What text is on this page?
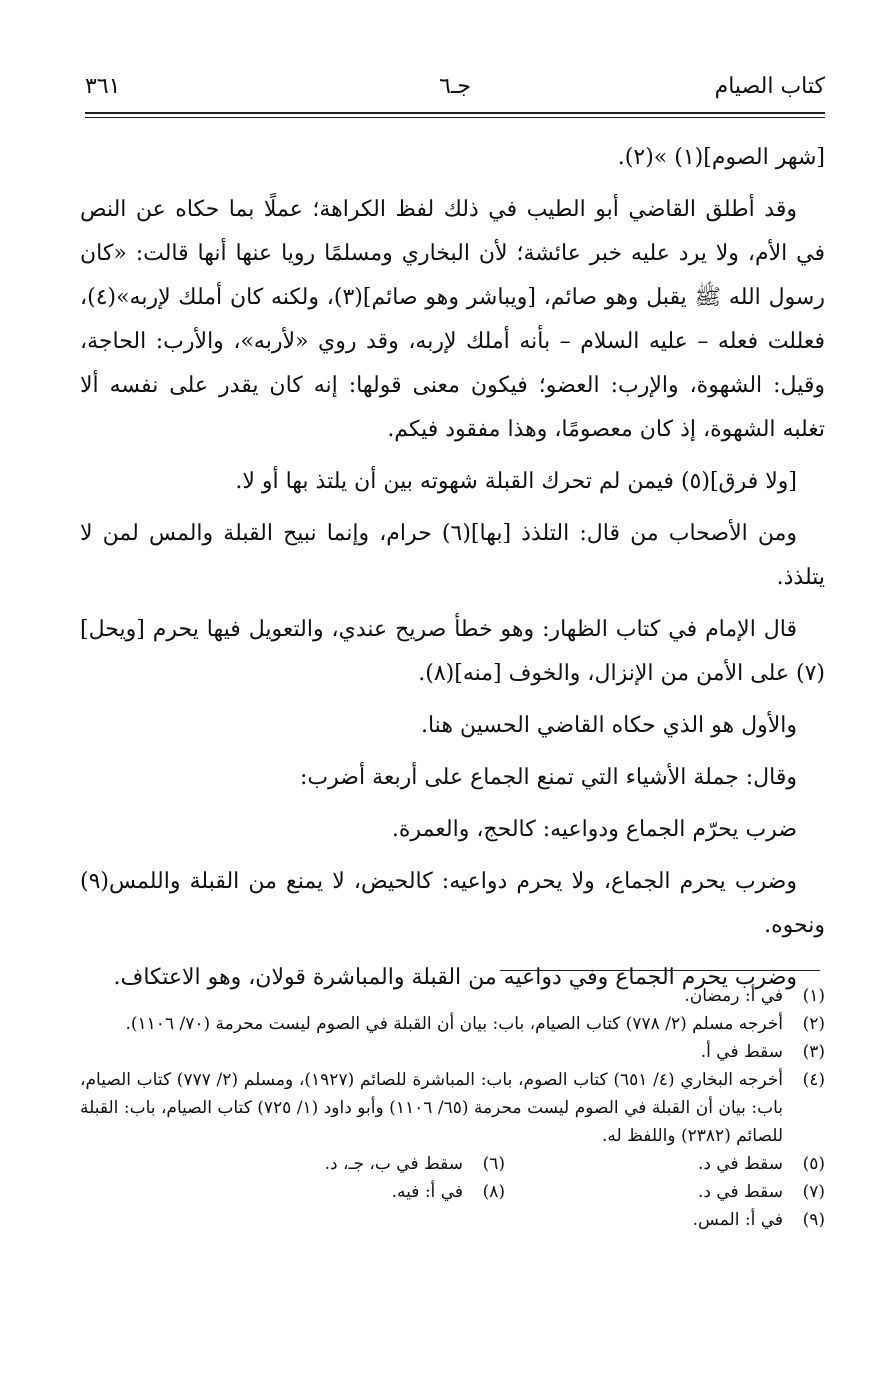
كتاب الصيام
جـ٦
٣٦١

[شهر الصوم](١) »(٢).

وقد أطلق القاضي أبو الطيب في ذلك لفظ الكراهة؛ عملًا بما حكاه عن النص في الأم، ولا يرد عليه خبر عائشة؛ لأن البخاري ومسلمًا رويا عنها أنها قالت: «كان رسول الله ﷺ يقبل وهو صائم، [ويباشر وهو صائم](٣)، ولكنه كان أملك لإربه»(٤)، فعللت فعله – عليه السلام – بأنه أملك لإربه، وقد روي «لأربه»، والأرب: الحاجة، وقيل: الشهوة، والإرب: العضو؛ فيكون معنى قولها: إنه كان يقدر على نفسه ألا تغلبه الشهوة، إذ كان معصومًا، وهذا مفقود فيكم.

[ولا فرق](٥) فيمن لم تحرك القبلة شهوته بين أن يلتذ بها أو لا.

ومن الأصحاب من قال: التلذذ [بها](٦) حرام، وإنما نبيح القبلة والمس لمن لا يتلذذ.

قال الإمام في كتاب الظهار: وهو خطأ صريح عندي، والتعويل فيها يحرم [ويحل](٧) على الأمن من الإنزال، والخوف [منه](٨).

والأول هو الذي حكاه القاضي الحسين هنا.

وقال: جملة الأشياء التي تمنع الجماع على أربعة أضرب:

ضرب يحرّم الجماع ودواعيه: كالحج، والعمرة.

وضرب يحرم الجماع، ولا يحرم دواعيه: كالحيض، لا يمنع من القبلة واللمس(٩) ونحوه.

وضرب يحرم الجماع وفي دواعيه من القبلة والمباشرة قولان، وهو الاعتكاف.

(١)
في أ: رمضان.
(٢)
أخرجه مسلم (٢/ ٧٧٨) كتاب الصيام، باب: بيان أن القبلة في الصوم ليست محرمة (٧٠/ ١١٠٦).
(٣)
سقط في أ.
(٤)
أخرجه البخاري (٤/ ٦٥١) كتاب الصوم، باب: المباشرة للصائم (١٩٢٧)، ومسلم (٢/ ٧٧٧) كتاب الصيام، باب: بيان أن القبلة في الصوم ليست محرمة (٦٥/ ١١٠٦) وأبو داود (١/ ٧٢٥) كتاب الصيام، باب: القبلة للصائم (٢٣٨٢) واللفظ له.
(٥)
سقط في د.
(٦)
سقط في ب، جـ، د.
(٧)
سقط في د.
(٨)
في أ: فيه.
(٩)
في أ: المس.
